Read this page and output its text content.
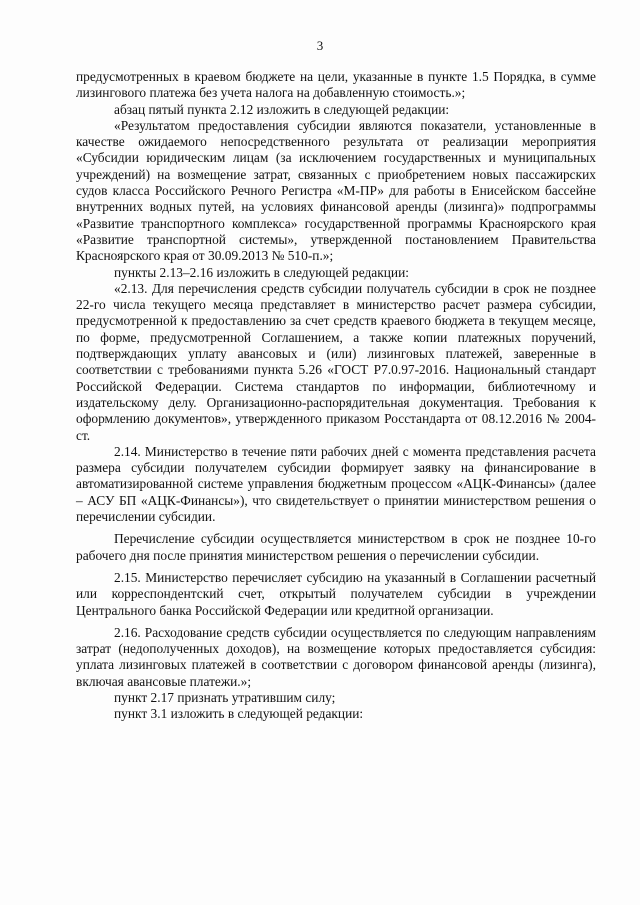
3

предусмотренных в краевом бюджете на цели, указанные в пункте 1.5 Порядка, в сумме лизингового платежа без учета налога на добавленную стоимость.»;

абзац пятый пункта 2.12 изложить в следующей редакции:

«Результатом предоставления субсидии являются показатели, установленные в качестве ожидаемого непосредственного результата от реализации мероприятия «Субсидии юридическим лицам (за исключением государственных и муниципальных учреждений) на возмещение затрат, связанных с приобретением новых пассажирских судов класса Российского Речного Регистра «М-ПР» для работы в Енисейском бассейне внутренних водных путей, на условиях финансовой аренды (лизинга)» подпрограммы «Развитие транспортного комплекса» государственной программы Красноярского края «Развитие транспортной системы», утвержденной постановлением Правительства Красноярского края от 30.09.2013 № 510-п.»;

пункты 2.13–2.16 изложить в следующей редакции:

«2.13. Для перечисления средств субсидии получатель субсидии в срок не позднее 22-го числа текущего месяца представляет в министерство расчет размера субсидии, предусмотренной к предоставлению за счет средств краевого бюджета в текущем месяце, по форме, предусмотренной Соглашением, а также копии платежных поручений, подтверждающих уплату авансовых и (или) лизинговых платежей, заверенные в соответствии с требованиями пункта 5.26 «ГОСТ Р7.0.97-2016. Национальный стандарт Российской Федерации. Система стандартов по информации, библиотечному и издательскому делу. Организационно-распорядительная документация. Требования к оформлению документов», утвержденного приказом Росстандарта от 08.12.2016 № 2004-ст.

2.14. Министерство в течение пяти рабочих дней с момента представления расчета размера субсидии получателем субсидии формирует заявку на финансирование в автоматизированной системе управления бюджетным процессом «АЦК-Финансы» (далее – АСУ БП «АЦК-Финансы»), что свидетельствует о принятии министерством решения о перечислении субсидии.

Перечисление субсидии осуществляется министерством в срок не позднее 10-го рабочего дня после принятия министерством решения о перечислении субсидии.

2.15. Министерство перечисляет субсидию на указанный в Соглашении расчетный или корреспондентский счет, открытый получателем субсидии в учреждении Центрального банка Российской Федерации или кредитной организации.

2.16. Расходование средств субсидии осуществляется по следующим направлениям затрат (недополученных доходов), на возмещение которых предоставляется субсидия: уплата лизинговых платежей в соответствии с договором финансовой аренды (лизинга), включая авансовые платежи.»;

пункт 2.17 признать утратившим силу;

пункт 3.1 изложить в следующей редакции:
